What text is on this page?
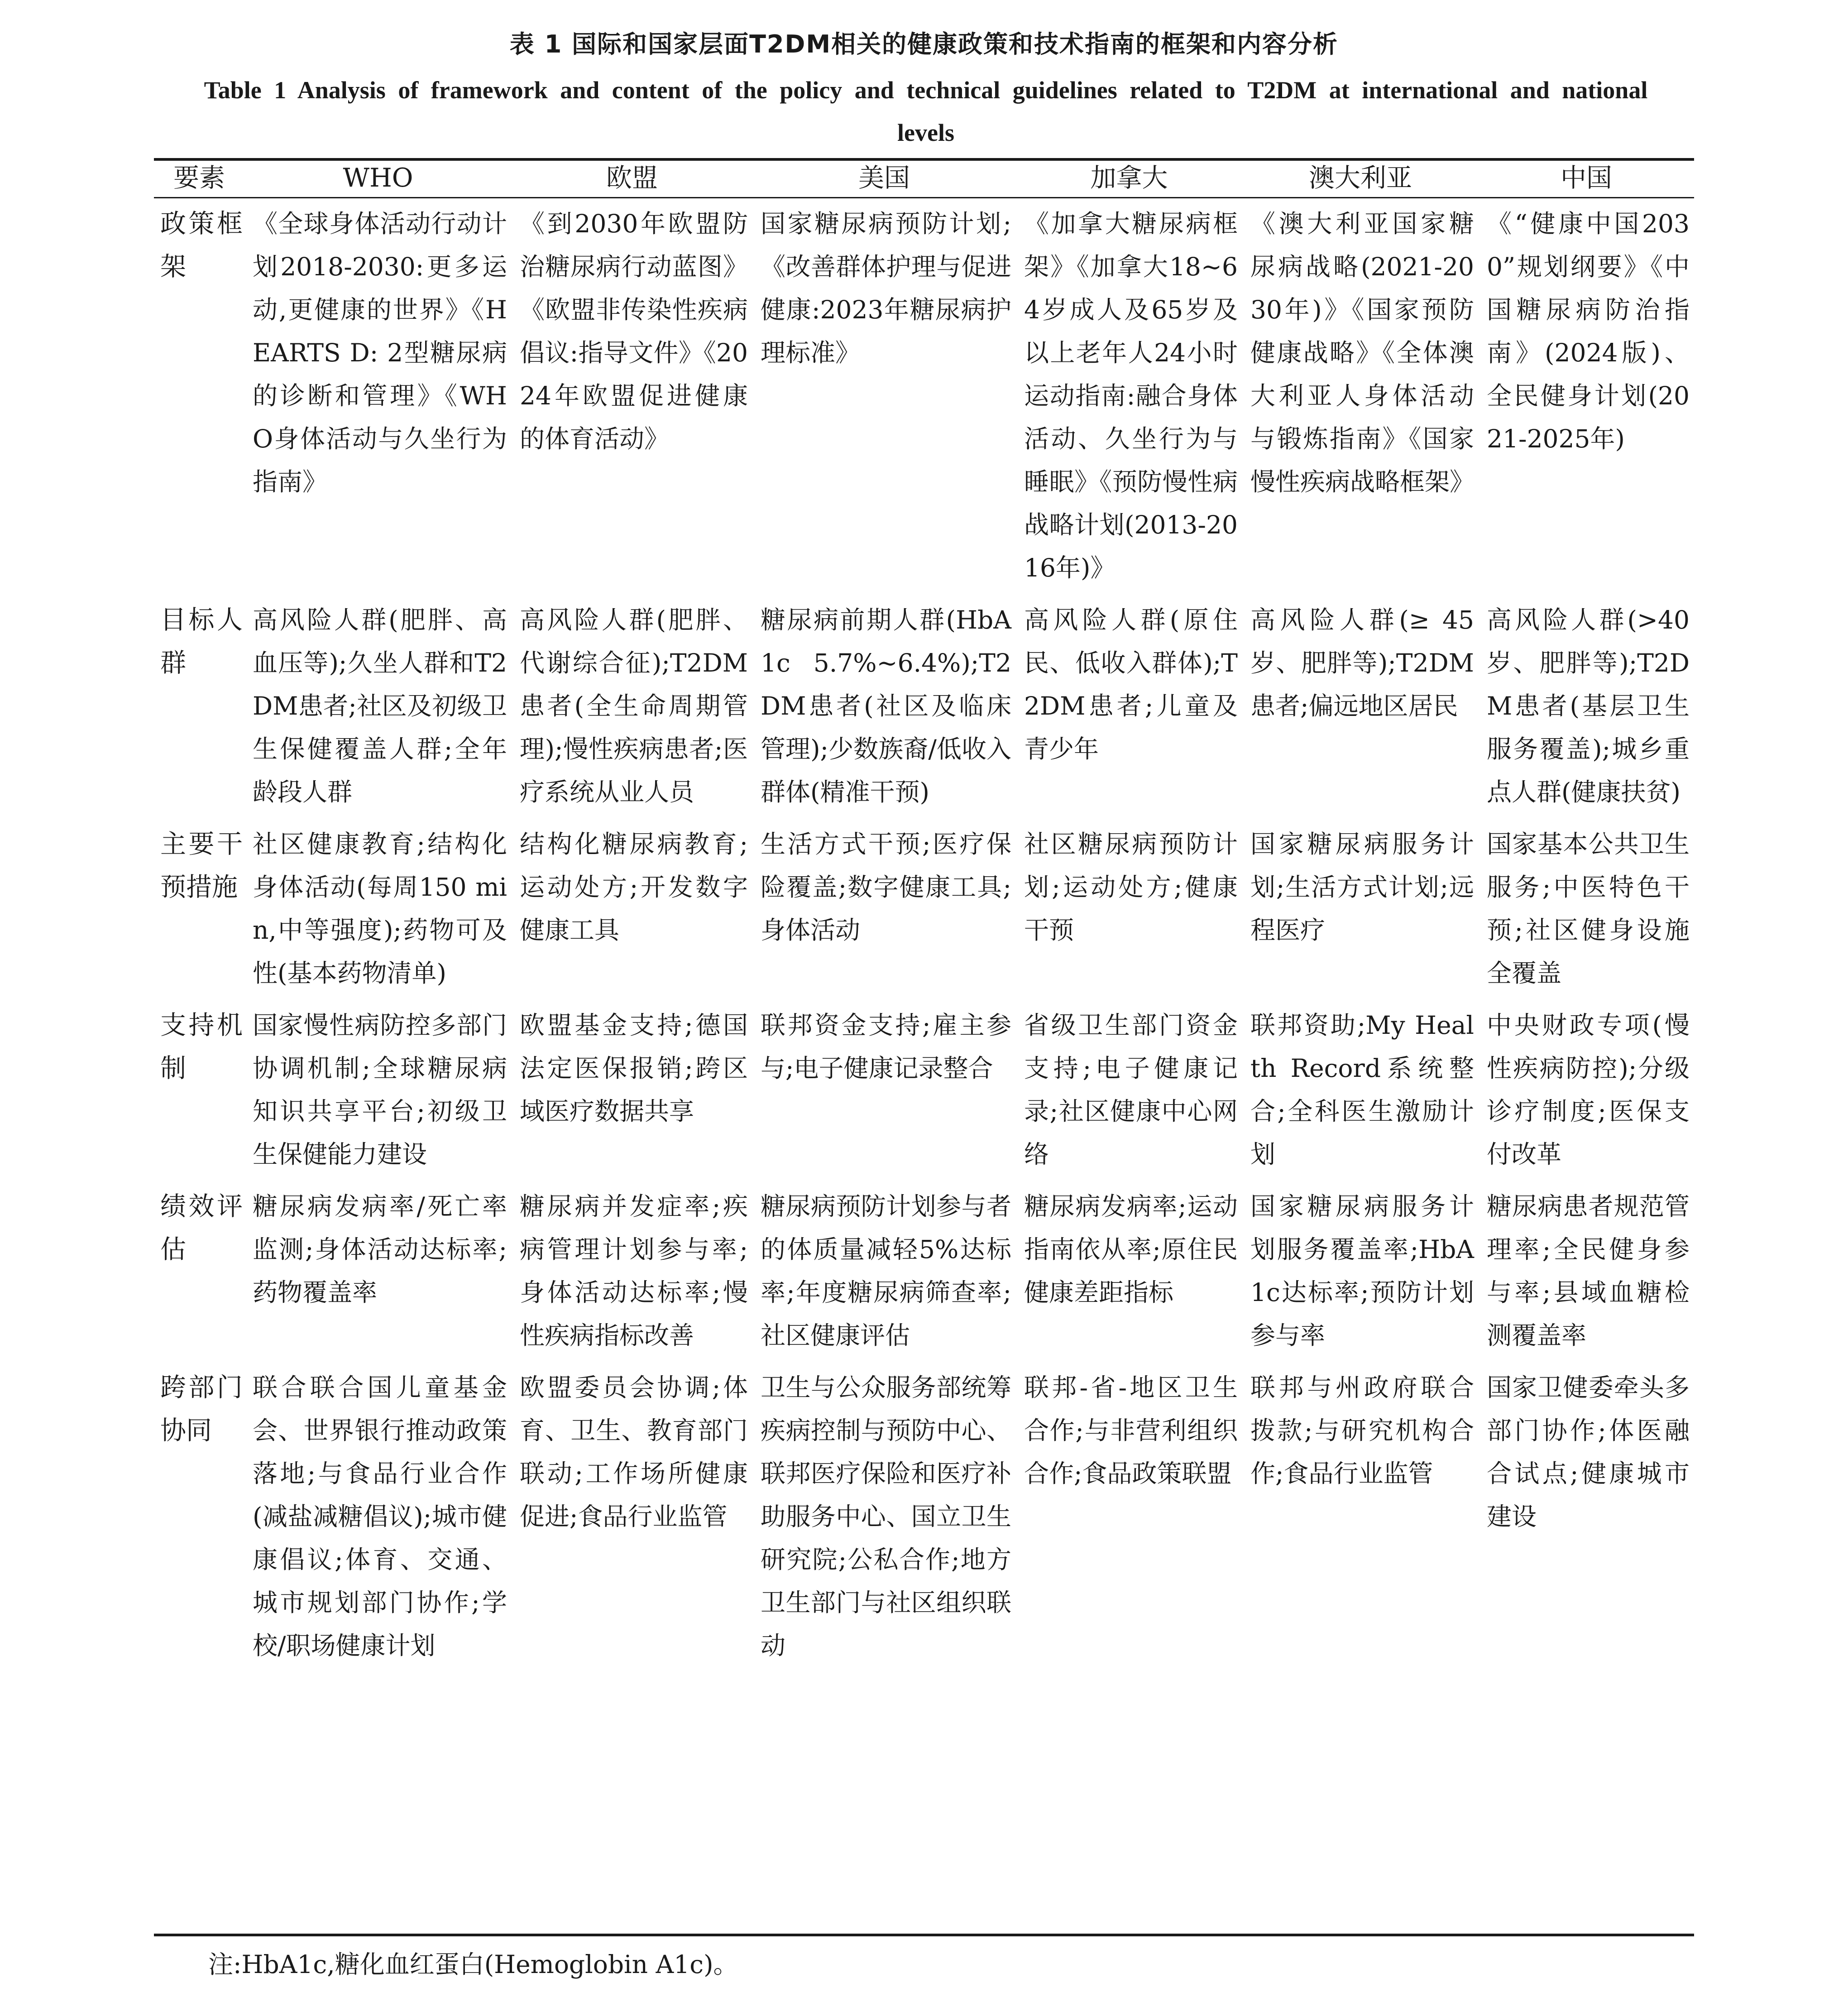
表 1 国际和国家层面T2DM相关的健康政策和技术指南的框架和内容分析
Table 1 Analysis of framework and content of the policy and technical guidelines related to T2DM at international and national levels
要素	WHO	欧盟	美国	加拿大	澳大利亚	中国
政策框架	《全球身体活动行动计划2018-2030:更多运动,更健康的世界》《HEARTS D: 2型糖尿病的诊断和管理》《WHO身体活动与久坐行为指南》	《到2030年欧盟防治糖尿病行动蓝图》《欧盟非传染性疾病倡议:指导文件》《2024年欧盟促进健康的体育活动》	国家糖尿病预防计划;《改善群体护理与促进健康:2023年糖尿病护理标准》	《加拿大糖尿病框架》《加拿大18~64岁成人及65岁及以上老年人24小时运动指南:融合身体活动、久坐行为与睡眠》《预防慢性病战略计划(2013-2016年)》	《澳大利亚国家糖尿病战略(2021-2030年)》《国家预防健康战略》《全体澳大利亚人身体活动与锻炼指南》《国家慢性疾病战略框架》	《“健康中国2030”规划纲要》《中国糖尿病防治指南》(2024版)、全民健身计划(2021-2025年)
目标人群	高风险人群(肥胖、高血压等);久坐人群和T2DM患者;社区及初级卫生保健覆盖人群;全年龄段人群	高风险人群(肥胖、代谢综合征);T2DM患者(全生命周期管理);慢性疾病患者;医疗系统从业人员	糖尿病前期人群(HbA1c 5.7%~6.4%);T2DM患者(社区及临床管理);少数族裔/低收入群体(精准干预)	高风险人群(原住民、低收入群体);T2DM患者;儿童及青少年	高风险人群(≥ 45岁、肥胖等);T2DM患者;偏远地区居民	高风险人群(>40岁、肥胖等);T2DM患者(基层卫生服务覆盖);城乡重点人群(健康扶贫)
主要干预措施	社区健康教育;结构化身体活动(每周150 min,中等强度);药物可及性(基本药物清单)	结构化糖尿病教育;运动处方;开发数字健康工具	生活方式干预;医疗保险覆盖;数字健康工具;身体活动	社区糖尿病预防计划;运动处方;健康干预	国家糖尿病服务计划;生活方式计划;远程医疗	国家基本公共卫生服务;中医特色干预;社区健身设施全覆盖
支持机制	国家慢性病防控多部门协调机制;全球糖尿病知识共享平台;初级卫生保健能力建设	欧盟基金支持;德国法定医保报销;跨区域医疗数据共享	联邦资金支持;雇主参与;电子健康记录整合	省级卫生部门资金支持;电子健康记录;社区健康中心网络	联邦资助;My Health Record系统整合;全科医生激励计划	中央财政专项(慢性疾病防控);分级诊疗制度;医保支付改革
绩效评估	糖尿病发病率/死亡率监测;身体活动达标率;药物覆盖率	糖尿病并发症率;疾病管理计划参与率;身体活动达标率;慢性疾病指标改善	糖尿病预防计划参与者的体质量减轻5%达标率;年度糖尿病筛查率;社区健康评估	糖尿病发病率;运动指南依从率;原住民健康差距指标	国家糖尿病服务计划服务覆盖率;HbA1c达标率;预防计划参与率	糖尿病患者规范管理率;全民健身参与率;县域血糖检测覆盖率
跨部门协同	联合联合国儿童基金会、世界银行推动政策落地;与食品行业合作(减盐减糖倡议);城市健康倡议;体育、交通、城市规划部门协作;学校/职场健康计划	欧盟委员会协调;体育、卫生、教育部门联动;工作场所健康促进;食品行业监管	卫生与公众服务部统筹疾病控制与预防中心、联邦医疗保险和医疗补助服务中心、国立卫生研究院;公私合作;地方卫生部门与社区组织联动	联邦-省-地区卫生合作;与非营利组织合作;食品政策联盟	联邦与州政府联合拨款;与研究机构合作;食品行业监管	国家卫健委牵头多部门协作;体医融合试点;健康城市建设
注:HbA1c,糖化血红蛋白(Hemoglobin A1c)。
